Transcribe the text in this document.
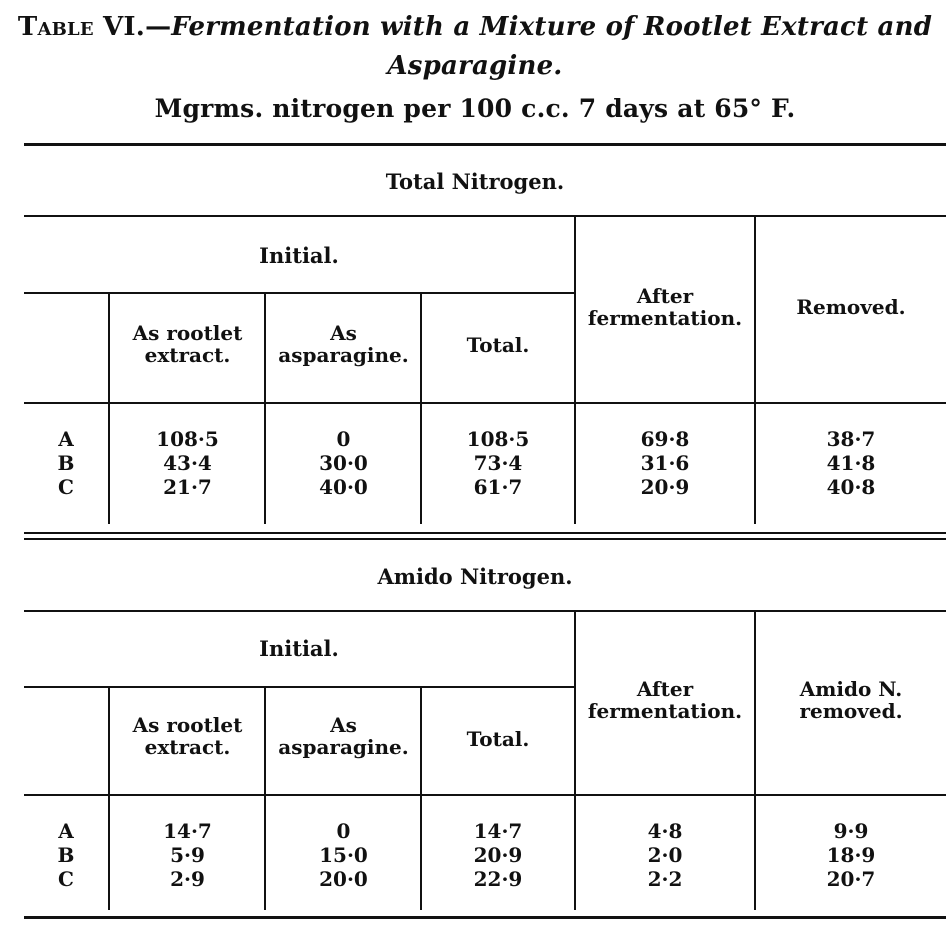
Table VI.—Fermentation with a Mixture of Rootlet Extract and
Asparagine.
Mgrms. nitrogen per 100 c.c. 7 days at 65° F.
Total Nitrogen.
Initial.
As rootlet extract.
As asparagine.	Total.
After fermentation.	Removed.
A	108·5	0	108·5	69·8	38·7
B	43·4	30·0	73·4	31·6	41·8
C	21·7	40·0	61·7	20·9	40·8
Amido Nitrogen.
Initial.
As rootlet extract.
As asparagine.	Total.
After fermentation.
Amido N. removed.
A	14·7	0	14·7	4·8	9·9
B	5·9	15·0	20·9	2·0	18·9
C	2·9	20·0	22·9	2·2	20·7
